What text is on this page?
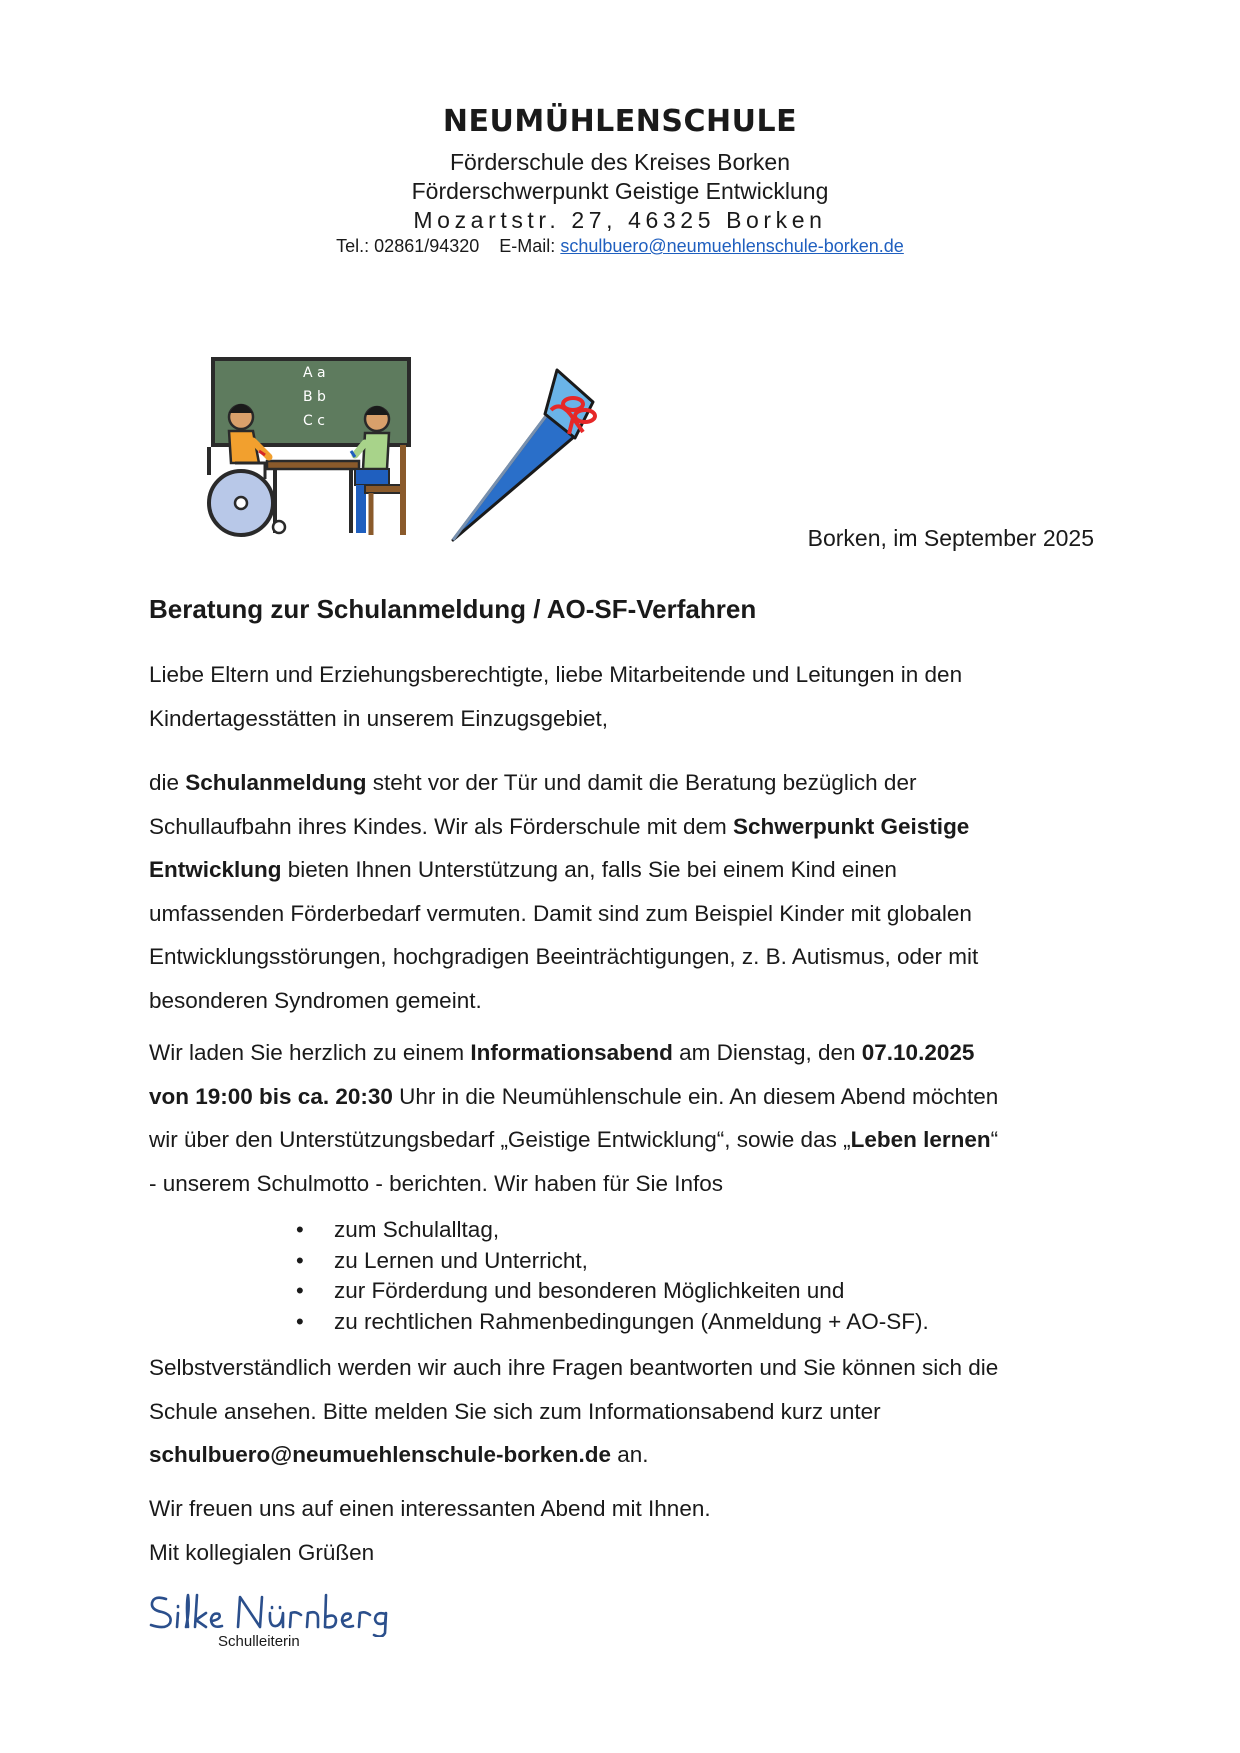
NEUMÜHLENSCHULE
Förderschule des Kreises Borken
Förderschwerpunkt Geistige Entwicklung
Mozartstr. 27, 46325 Borken
Tel.: 02861/94320 E-Mail: schulbuero@neumuehlenschule-borken.de
A a
B b
C c
Borken, im September 2025
Beratung zur Schulanmeldung / AO-SF-Verfahren

Liebe Eltern und Erziehungsberechtigte, liebe Mitarbeitende und Leitungen in den
Kindertagesstätten in unserem Einzugsgebiet,

die Schulanmeldung steht vor der Tür und damit die Beratung bezüglich der
Schullaufbahn ihres Kindes. Wir als Förderschule mit dem Schwerpunkt Geistige
Entwicklung bieten Ihnen Unterstützung an, falls Sie bei einem Kind einen
umfassenden Förderbedarf vermuten. Damit sind zum Beispiel Kinder mit globalen
Entwicklungsstörungen, hochgradigen Beeinträchtigungen, z. B. Autismus, oder mit
besonderen Syndromen gemeint.

Wir laden Sie herzlich zu einem Informationsabend am Dienstag, den 07.10.2025
von 19:00 bis ca. 20:30 Uhr in die Neumühlenschule ein. An diesem Abend möchten
wir über den Unterstützungsbedarf „Geistige Entwicklung“, sowie das „Leben lernen“
- unserem Schulmotto - berichten. Wir haben für Sie Infos

• zum Schulalltag,
• zu Lernen und Unterricht,
• zur Förderdung und besonderen Möglichkeiten und
• zu rechtlichen Rahmenbedingungen (Anmeldung + AO-SF).

Selbstverständlich werden wir auch ihre Fragen beantworten und Sie können sich die
Schule ansehen. Bitte melden Sie sich zum Informationsabend kurz unter
schulbuero@neumuehlenschule-borken.de an.

Wir freuen uns auf einen interessanten Abend mit Ihnen.
Mit kollegialen Grüßen
Schulleiterin
